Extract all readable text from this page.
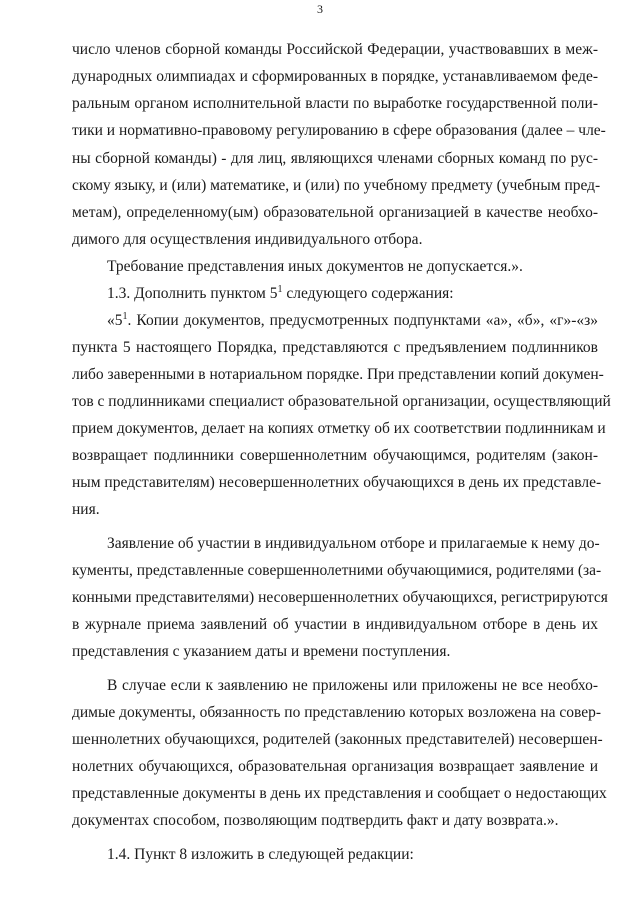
3
число членов сборной команды Российской Федерации, участвовавших в меж-
дународных олимпиадах и сформированных в порядке, устанавливаемом феде-
ральным органом исполнительной власти по выработке государственной поли-
тики и нормативно-правовому регулированию в сфере образования (далее – чле-
ны сборной команды) - для лиц, являющихся членами сборных команд по рус-
скому языку, и (или) математике, и (или) по учебному предмету (учебным пред-
метам), определенному(ым) образовательной организацией в качестве необхо-
димого для осуществления индивидуального отбора.
Требование представления иных документов не допускается.».
1.3. Дополнить пунктом $5^1$ следующего содержания:
«$5^1$. Копии документов, предусмотренных подпунктами «а», «б», «г»-«з»
пункта 5 настоящего Порядка, представляются с предъявлением подлинников
либо заверенными в нотариальном порядке. При представлении копий докумен-
тов с подлинниками специалист образовательной организации, осуществляющий
прием документов, делает на копиях отметку об их соответствии подлинникам и
возвращает подлинники совершеннолетним обучающимся, родителям (закон-
ным представителям) несовершеннолетних обучающихся в день их представле-
ния.
Заявление об участии в индивидуальном отборе и прилагаемые к нему до-
кументы, представленные совершеннолетними обучающимися, родителями (за-
конными представителями) несовершеннолетних обучающихся, регистрируются
в журнале приема заявлений об участии в индивидуальном отборе в день их
представления с указанием даты и времени поступления.
В случае если к заявлению не приложены или приложены не все необхо-
димые документы, обязанность по представлению которых возложена на совер-
шеннолетних обучающихся, родителей (законных представителей) несовершен-
нолетних обучающихся, образовательная организация возвращает заявление и
представленные документы в день их представления и сообщает о недостающих
документах способом, позволяющим подтвердить факт и дату возврата.».
1.4. Пункт 8 изложить в следующей редакции:
